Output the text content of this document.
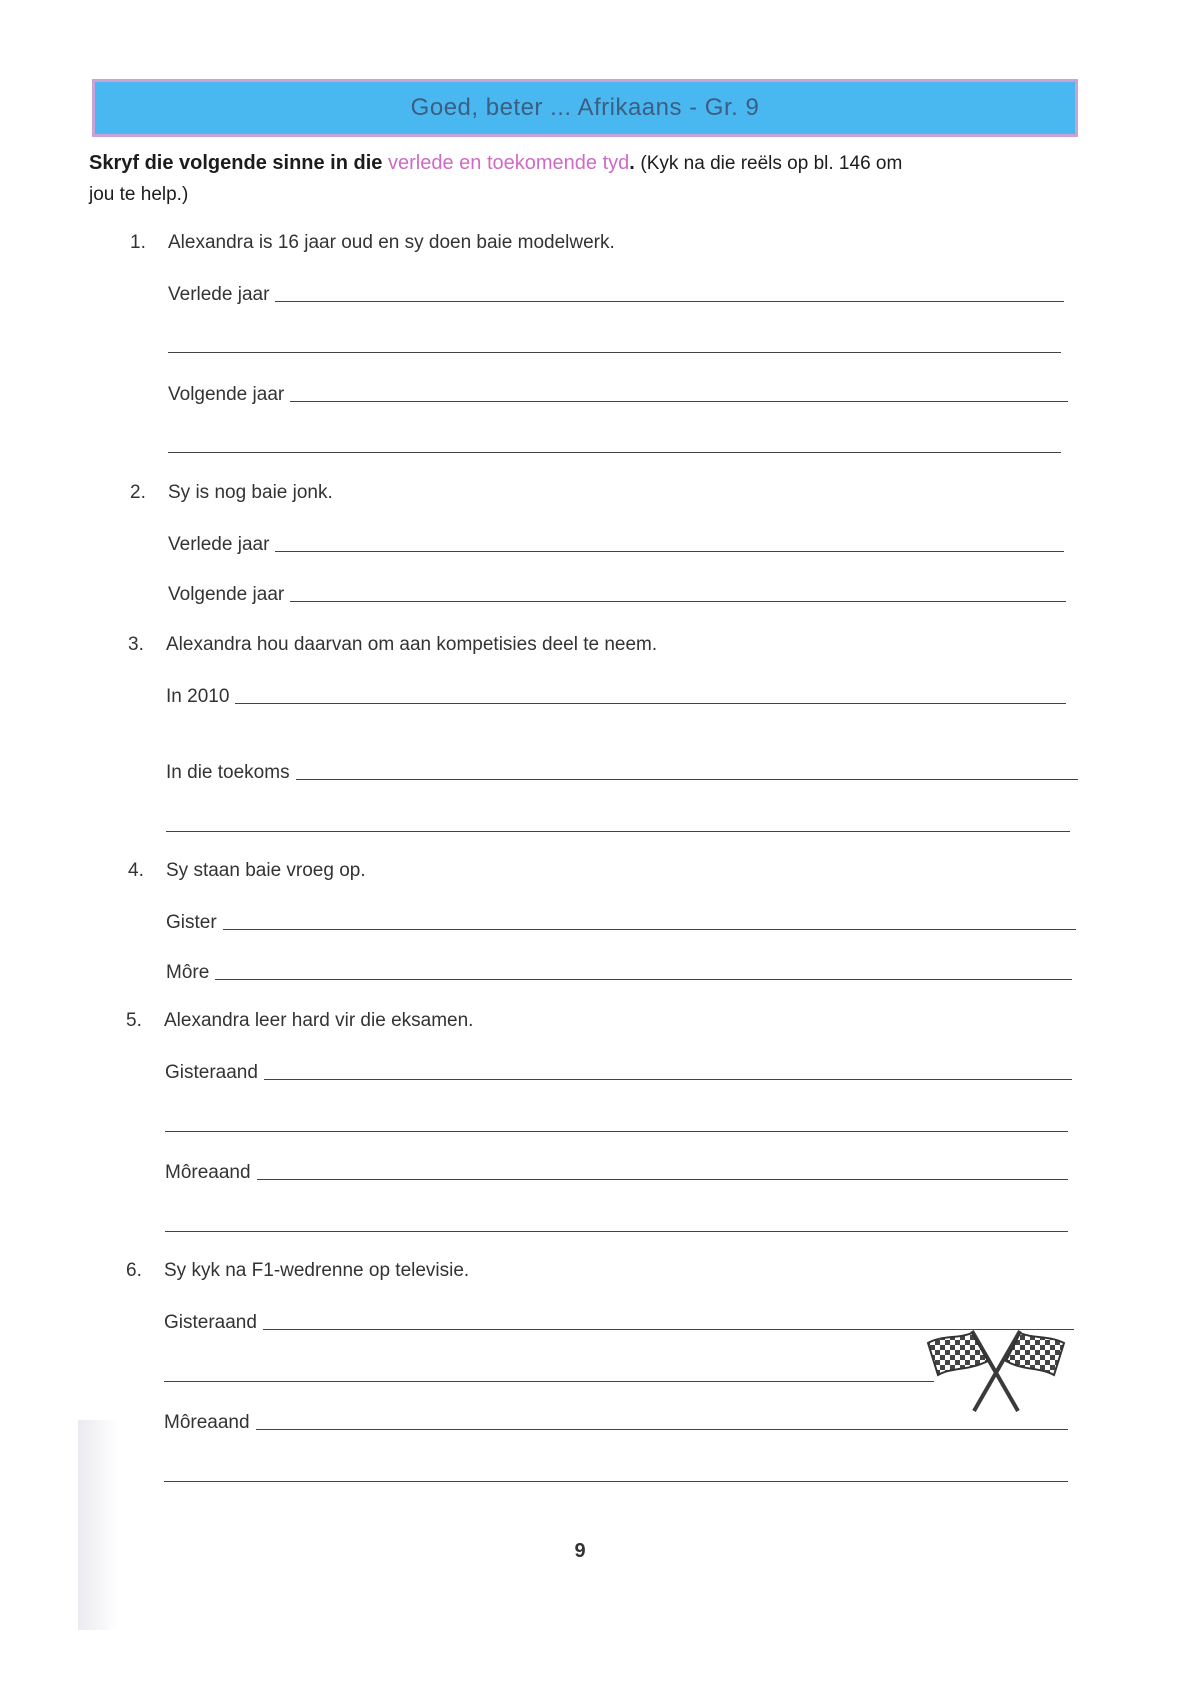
Goed, beter ... Afrikaans - Gr. 9
Skryf die volgende sinne in die verlede en toekomende tyd. (Kyk na die reëls op bl. 146 om
jou te help.)
1. Alexandra is 16 jaar oud en sy doen baie modelwerk.
Verlede jaar
Volgende jaar
2. Sy is nog baie jonk.
Verlede jaar
Volgende jaar
3. Alexandra hou daarvan om aan kompetisies deel te neem.
In 2010
In die toekoms
4. Sy staan baie vroeg op.
Gister
Môre
5. Alexandra leer hard vir die eksamen.
Gisteraand
Môreaand
6. Sy kyk na F1-wedrenne op televisie.
Gisteraand
Môreaand
9
